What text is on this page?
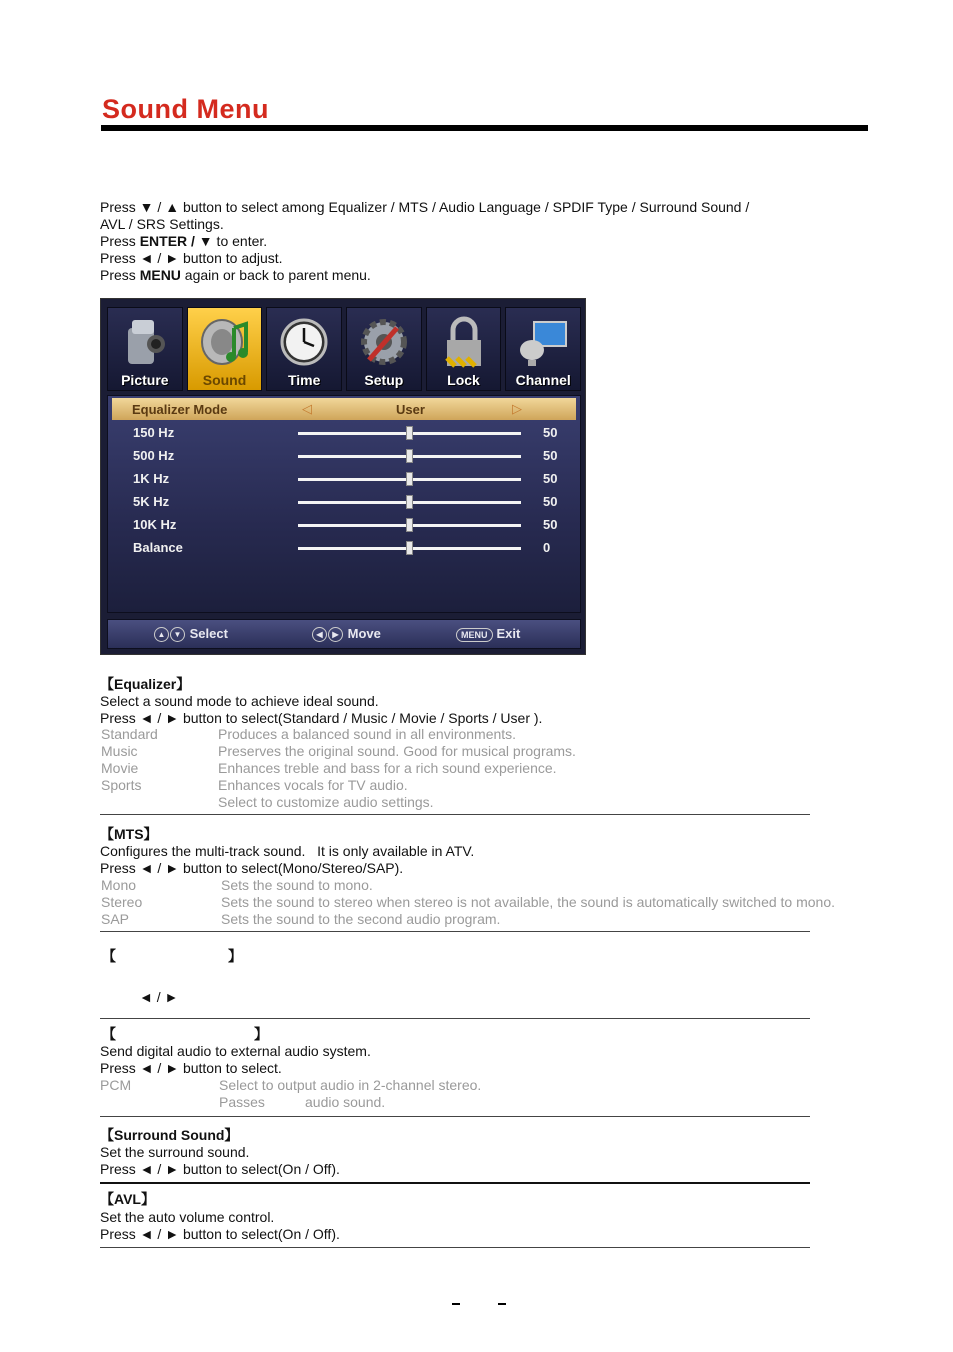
Sound Menu
Press ▼ / ▲ button to select among Equalizer / MTS / Audio Language / SPDIF Type / Surround Sound /
AVL / SRS Settings.
Press ENTER / ▼ to enter.
Press ◄ / ► button to adjust.
Press MENU again or back to parent menu.
Picture	Sound	Time	Setup	Lock	Channel
Equalizer Mode	◁	User	▷
150 Hz	50
500 Hz	50
1K Hz	50
5K Hz	50
10K Hz	50
Balance	0
▲ ▼ Select	◀ ▶ Move	MENU Exit
【Equalizer】
Select a sound mode to achieve ideal sound.
Press ◄ / ► button to select(Standard / Music / Movie / Sports / User ).
Standard	Produces a balanced sound in all environments.
Music	Preserves the original sound. Good for musical programs.
Movie	Enhances treble and bass for a rich sound experience.
Sports	Enhances vocals for TV audio.
Select to customize audio settings.
【MTS】
Configures the multi-track sound. It is only available in ATV.
Press ◄ / ► button to select(Mono/Stereo/SAP).
Mono	Sets the sound to mono.
Stereo	Sets the sound to stereo when stereo is not available, the sound is automatically switched to mono.
SAP	Sets the sound to the second audio program.
【	】
◄ / ►
【	】
Send digital audio to external audio system.
Press ◄ / ► button to select.
PCM	Select to output audio in 2-channel stereo.
Passes	audio sound.
【Surround Sound】
Set the surround sound.
Press ◄ / ► button to select(On / Off).
【AVL】
Set the auto volume control.
Press ◄ / ► button to select(On / Off).
